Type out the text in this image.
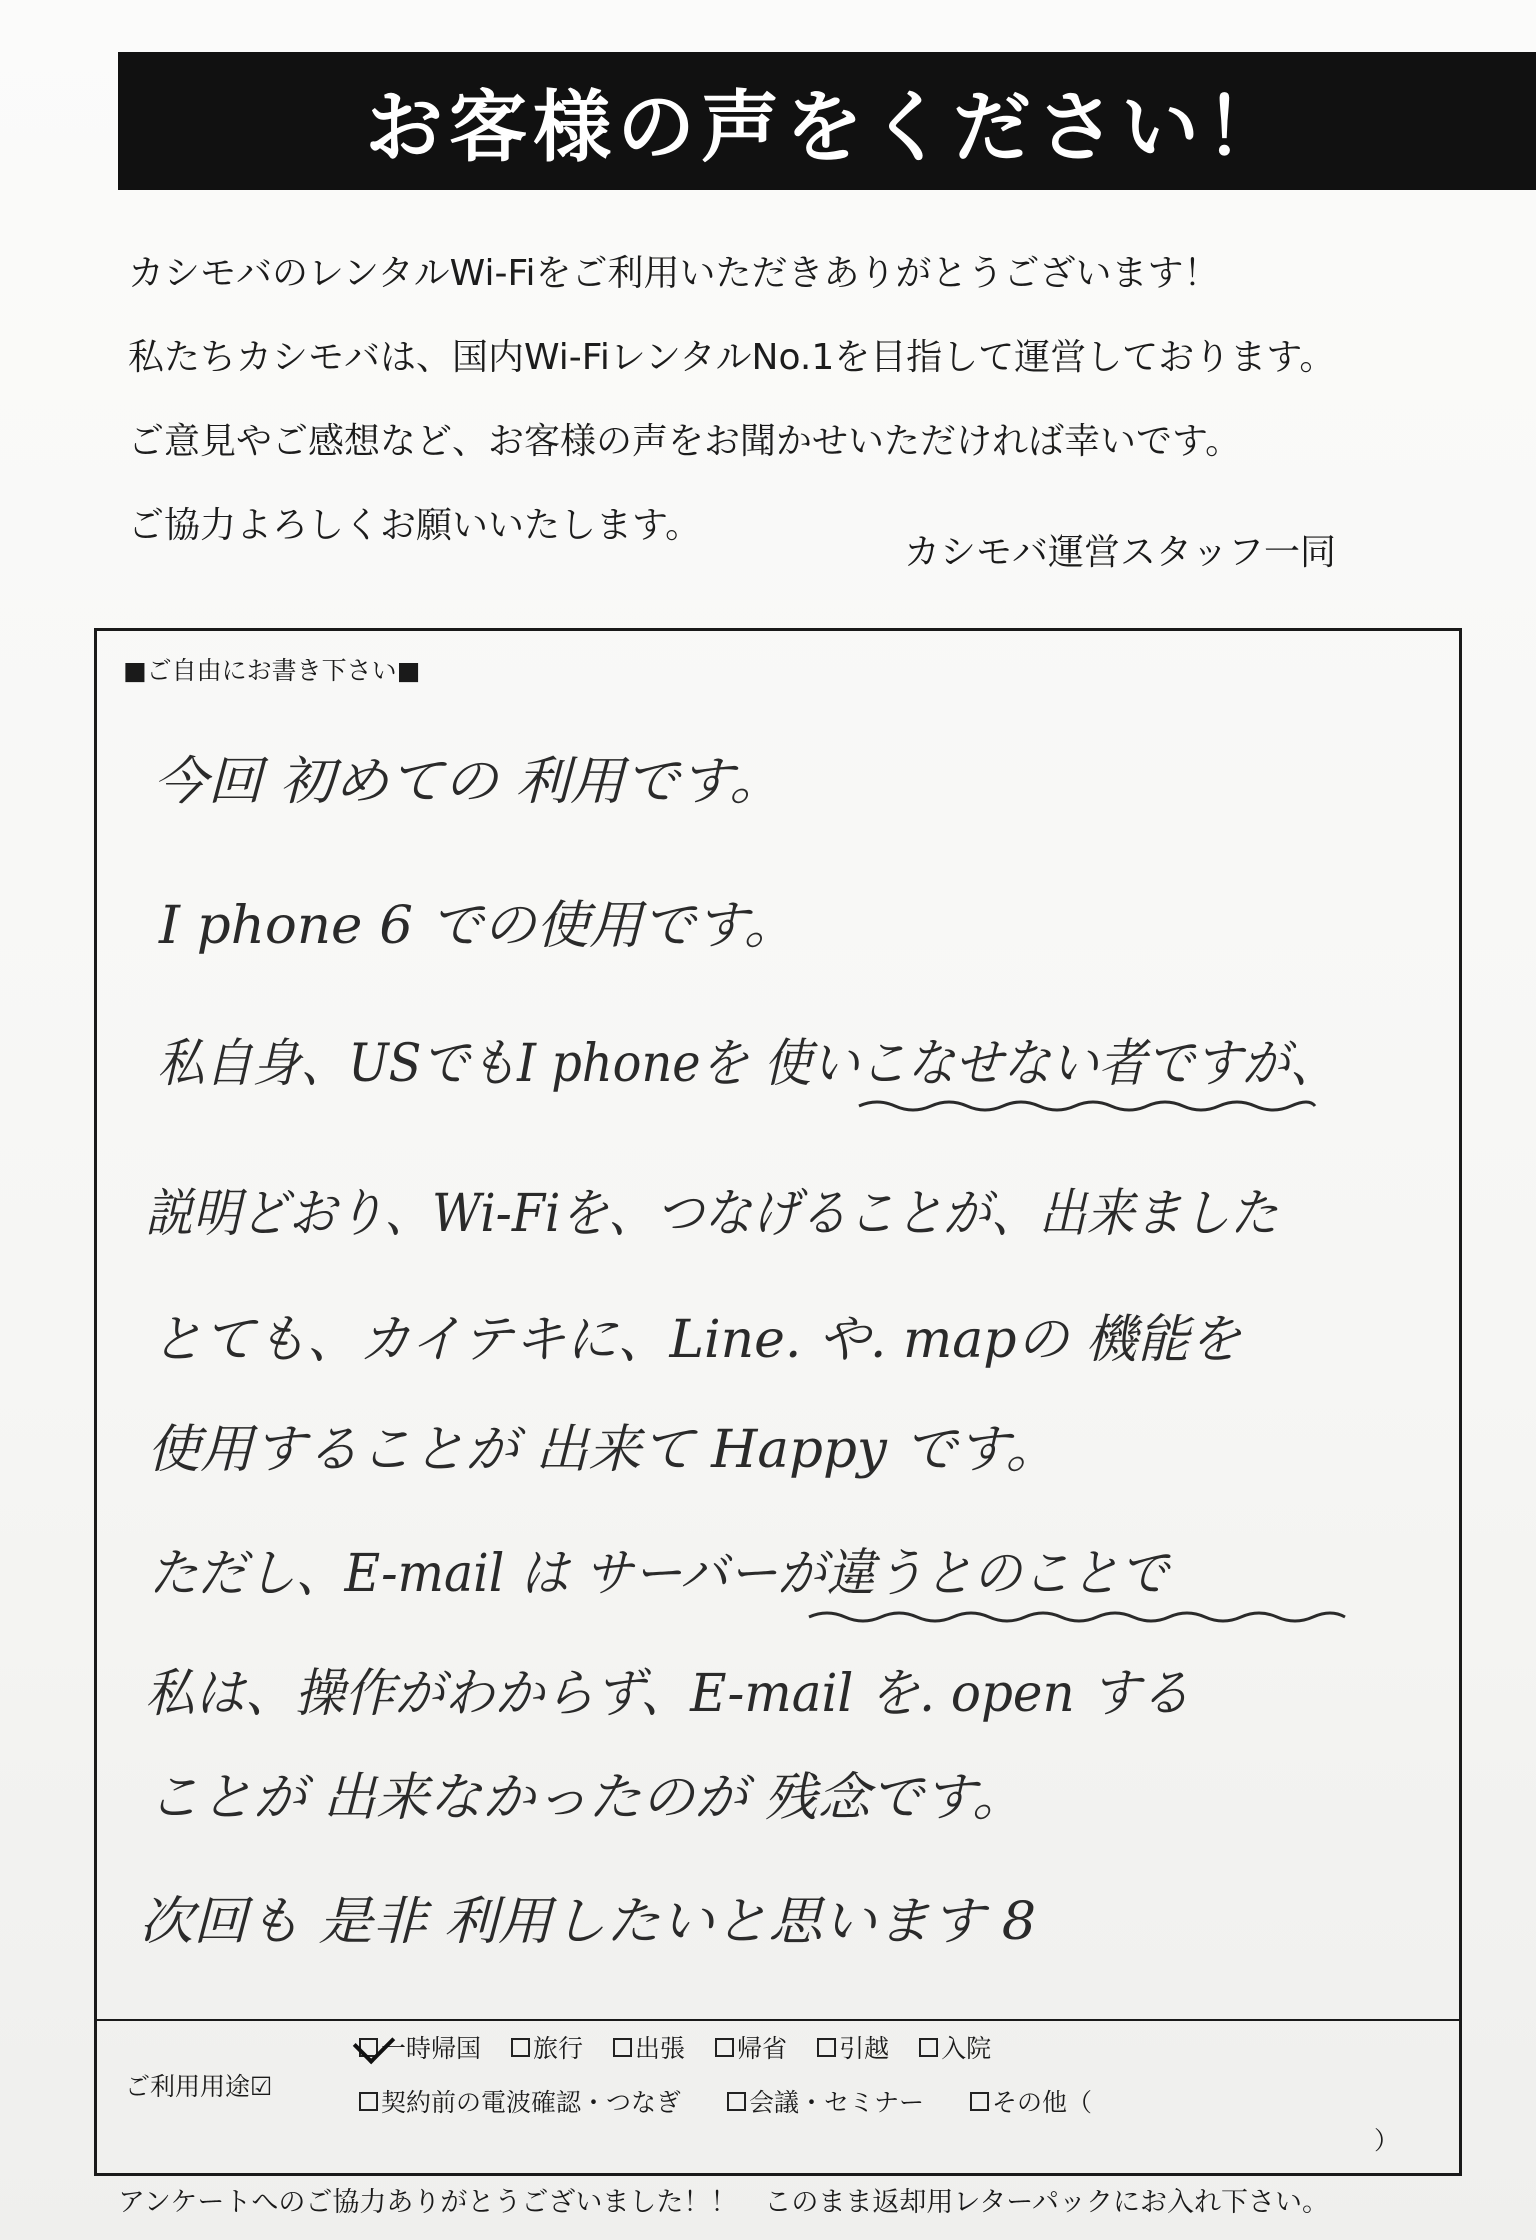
お客様の声をください！
カシモバのレンタルWi-Fiをご利用いただきありがとうございます！
私たちカシモバは、国内Wi-FiレンタルNo.1を目指して運営しております。
ご意見やご感想など、お客様の声をお聞かせいただければ幸いです。
ご協力よろしくお願いいたします。
カシモバ運営スタッフ一同
■ご自由にお書き下さい■
今回 初めての 利用です。
I phone 6 での使用です。
私自身、USでもI phoneを 使いこなせない者ですが、
説明どおり、Wi-Fiを、つなげることが、出来ました
とても、カイテキに、Line. や. mapの 機能を
使用することが 出来て Happy です。
ただし、E-mail は サーバーが違うとのことで
私は、操作がわからず、E-mail を. open する
ことが 出来なかったのが 残念です。
次回も 是非 利用したいと思います 8
ご利用用途☑
一時帰国 旅行 出張 帰省 引越 入院
契約前の電波確認・つなぎ	会議・セミナー	その他（
）
アンケートへのご協力ありがとうございました！！　このまま返却用レターパックにお入れ下さい。
